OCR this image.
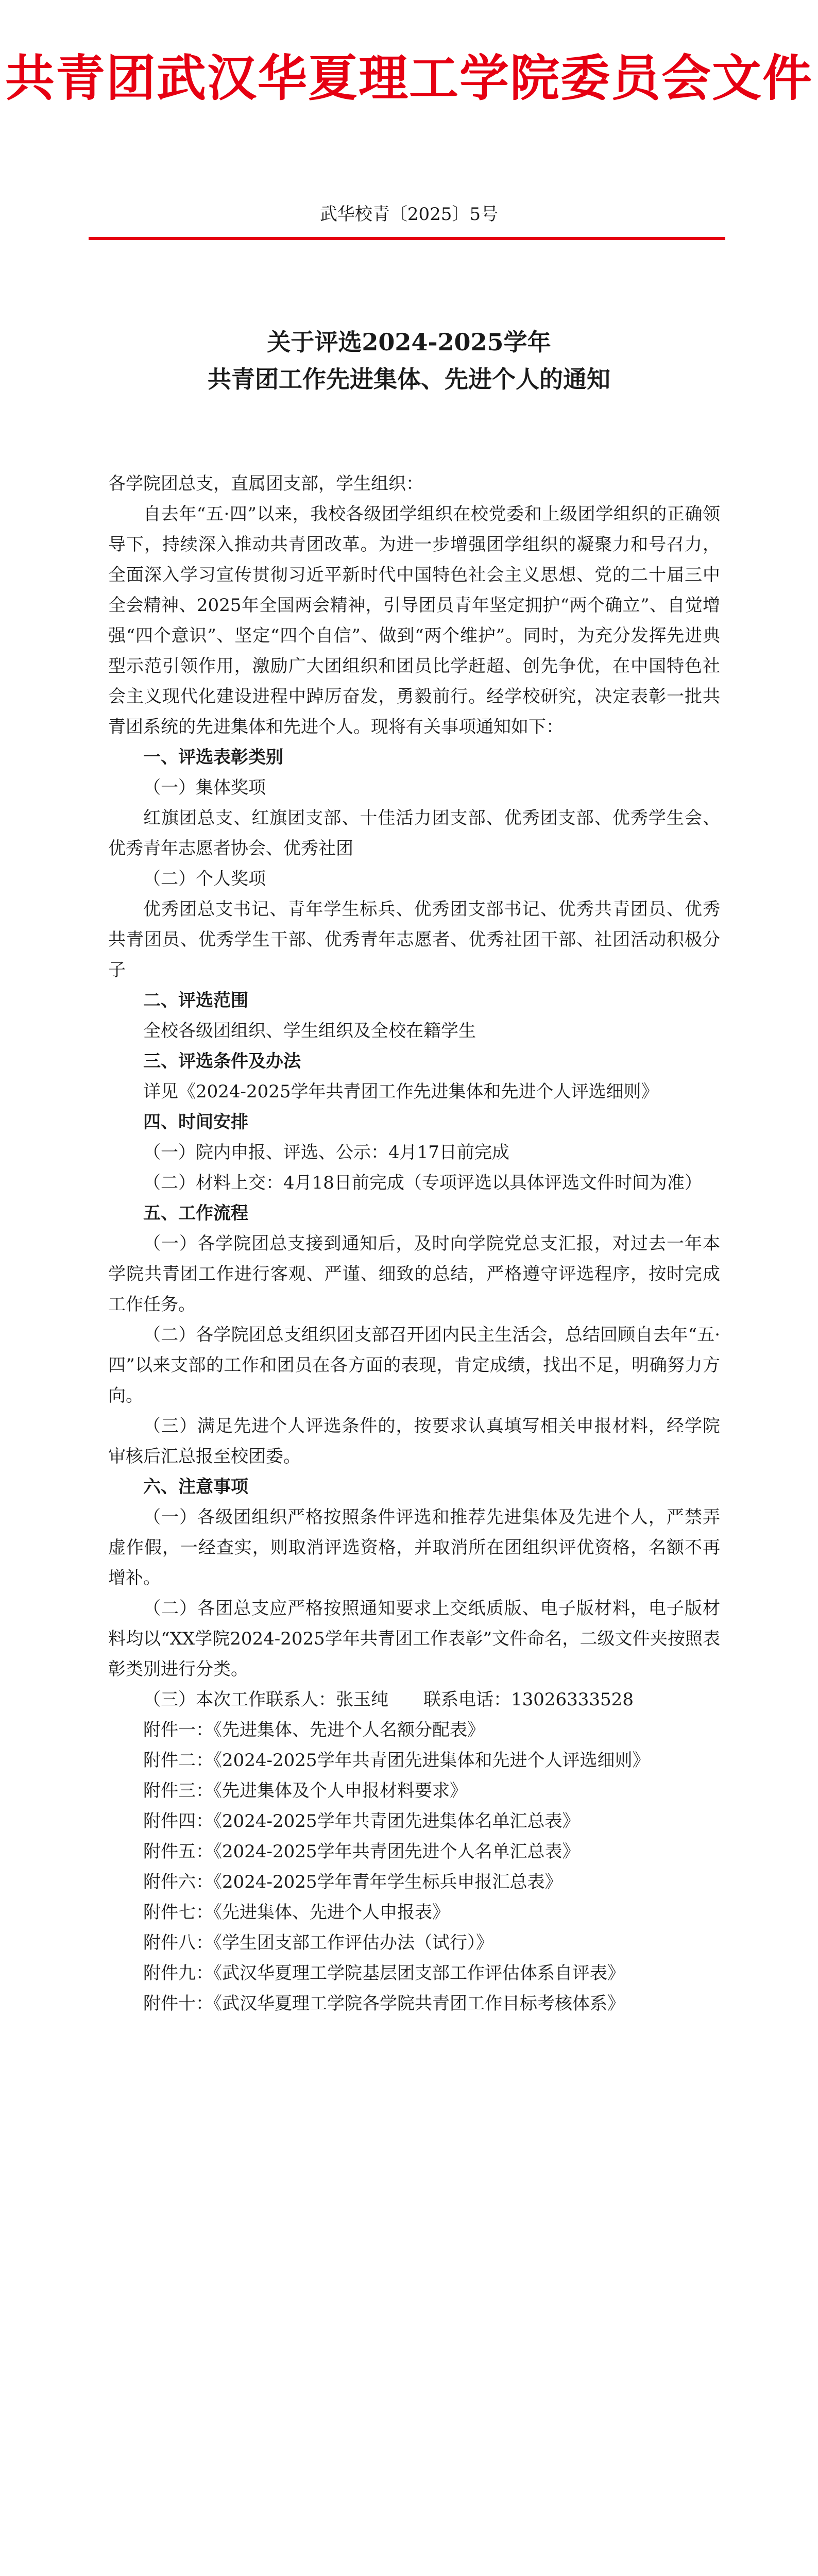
共青团武汉华夏理工学院委员会文件
武华校青〔2025〕5号
关于评选2024-2025学年
共青团工作先进集体、先进个人的通知

各学院团总支，直属团支部，学生组织：

自去年“五·四”以来，我校各级团学组织在校党委和上级团学组织的正确领导下，持续深入推动共青团改革。为进一步增强团学组织的凝聚力和号召力，全面深入学习宣传贯彻习近平新时代中国特色社会主义思想、党的二十届三中全会精神、2025年全国两会精神，引导团员青年坚定拥护“两个确立”、自觉增强“四个意识”、坚定“四个自信”、做到“两个维护”。同时，为充分发挥先进典型示范引领作用，激励广大团组织和团员比学赶超、创先争优，在中国特色社会主义现代化建设进程中踔厉奋发，勇毅前行。经学校研究，决定表彰一批共青团系统的先进集体和先进个人。现将有关事项通知如下：

一、评选表彰类别

（一）集体奖项

红旗团总支、红旗团支部、十佳活力团支部、优秀团支部、优秀学生会、优秀青年志愿者协会、优秀社团

（二）个人奖项

优秀团总支书记、青年学生标兵、优秀团支部书记、优秀共青团员、优秀共青团员、优秀学生干部、优秀青年志愿者、优秀社团干部、社团活动积极分子

二、评选范围

全校各级团组织、学生组织及全校在籍学生

三、评选条件及办法

详见《2024-2025学年共青团工作先进集体和先进个人评选细则》

四、时间安排

（一）院内申报、评选、公示：4月17日前完成

（二）材料上交：4月18日前完成（专项评选以具体评选文件时间为准）

五、工作流程

（一）各学院团总支接到通知后，及时向学院党总支汇报，对过去一年本学院共青团工作进行客观、严谨、细致的总结，严格遵守评选程序，按时完成工作任务。

（二）各学院团总支组织团支部召开团内民主生活会，总结回顾自去年“五·四”以来支部的工作和团员在各方面的表现，肯定成绩，找出不足，明确努力方向。

（三）满足先进个人评选条件的，按要求认真填写相关申报材料，经学院审核后汇总报至校团委。

六、注意事项

（一）各级团组织严格按照条件评选和推荐先进集体及先进个人，严禁弄虚作假，一经查实，则取消评选资格，并取消所在团组织评优资格，名额不再增补。

（二）各团总支应严格按照通知要求上交纸质版、电子版材料，电子版材料均以“XX学院2024-2025学年共青团工作表彰”文件命名，二级文件夹按照表彰类别进行分类。

（三）本次工作联系人：张玉纯　　联系电话：13026333528

附件一：《先进集体、先进个人名额分配表》

附件二：《2024-2025学年共青团先进集体和先进个人评选细则》

附件三：《先进集体及个人申报材料要求》

附件四：《2024-2025学年共青团先进集体名单汇总表》

附件五：《2024-2025学年共青团先进个人名单汇总表》

附件六：《2024-2025学年青年学生标兵申报汇总表》

附件七：《先进集体、先进个人申报表》

附件八：《学生团支部工作评估办法（试行）》

附件九：《武汉华夏理工学院基层团支部工作评估体系自评表》

附件十：《武汉华夏理工学院各学院共青团工作目标考核体系》
